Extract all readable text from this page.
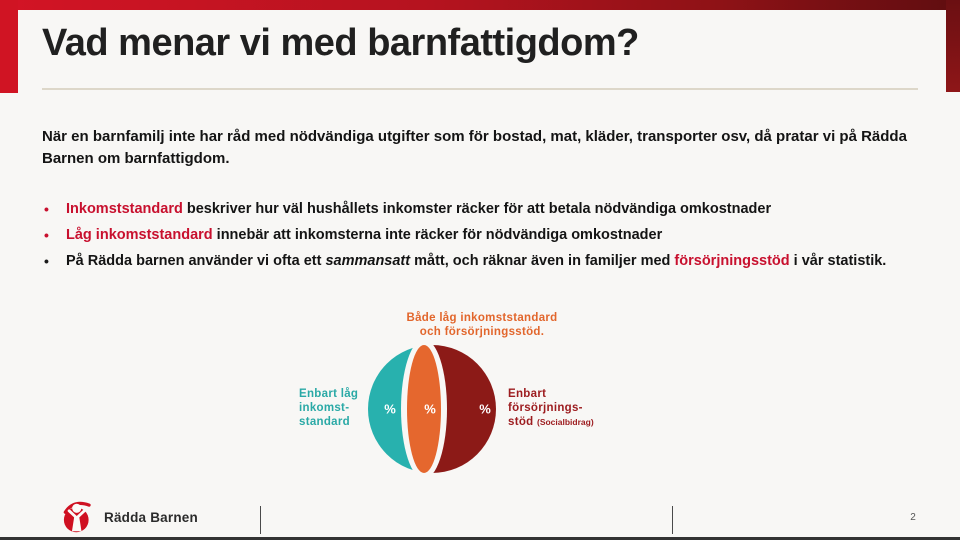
Vad menar vi med barnfattigdom?
När en barnfamilj inte har råd med nödvändiga utgifter som för bostad, mat, kläder, transporter osv, då pratar vi på Rädda Barnen om barnfattigdom.
• Inkomststandard beskriver hur väl hushållets inkomster räcker för att betala nödvändiga omkostnader
• Låg inkomststandard innebär att inkomsterna inte räcker för nödvändiga omkostnader
• På Rädda barnen använder vi ofta ett sammansatt mått, och räknar även in familjer med försörjningsstöd i vår statistik.
Både låg inkomststandard
och försörjningsstöd.
% %	%
Enbart låg
inkomst-
standard
Enbart
försörjnings-
stöd (Socialbidrag)
Rädda Barnen	2
